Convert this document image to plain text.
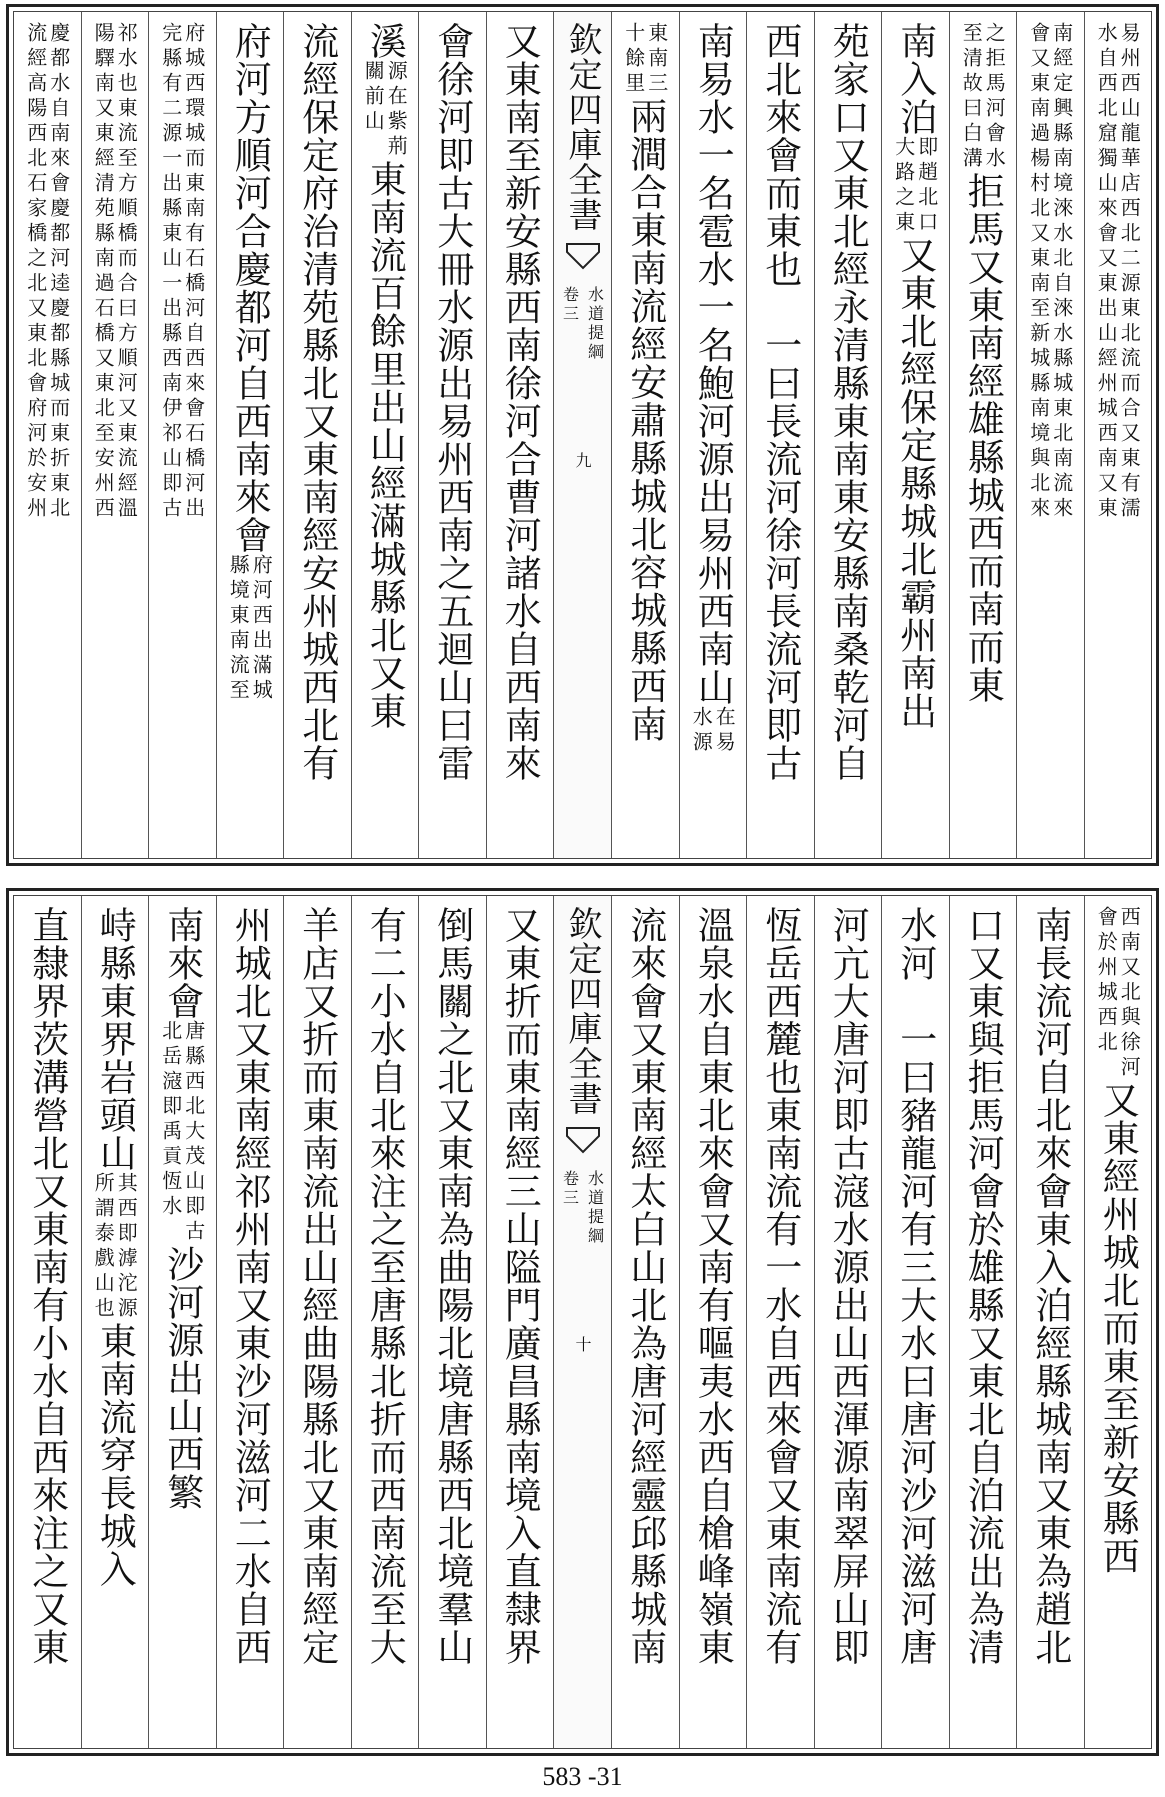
易州西山龍華店西北二源東北流而合又東有濡
水自西北窟獨山來會又東出山經州城西南又東
南經定興縣南境淶水北自淶水縣城東北南流來
會又東南過楊村北又東南至新城縣南境與北來
之拒馬河會水
至清故曰白溝
拒馬又東南經雄縣城西而南而東
南入泊
即趙北口
大路之東
又東北經保定縣城北霸州南出
苑家口又東北經永清縣東南東安縣南桑乾河自
西北來會而東也　一曰長流河徐河長流河即古
南易水一名雹水一名鮑河源出易州西南山
在易
水源
東南三
十餘里
兩澗合東南流經安肅縣城北容城縣西南
欽定四庫全書
水道提綱
卷三
九
又東南至新安縣西南徐河合曹河諸水自西南來
會徐河即古大冊水源出易州西南之五迴山曰雷
溪
源在紫荊
關前山
東南流百餘里出山經滿城縣北又東
流經保定府治清苑縣北又東南經安州城西北有
府河方順河合慶都河自西南來會
府河西出滿城
縣境東南流至
府城西環城而東南有石橋河自西來會石橋河出
完縣有二源一出縣東山一出縣西南伊祁山即古
祁水也東流至方順橋而合曰方順河又東流經溫
陽驛南又東經清苑縣南過石橋又東北至安州西
慶都水自南來會慶都河逵慶都縣城而東折東北
流經高陽西北石家橋之北又東北會府河於安州
西南又北與徐河
會於州城西北
又東經州城北而東至新安縣西
南長流河自北來會東入泊經縣城南又東為趙北
口又東與拒馬河會於雄縣又東北自泊流出為清
水河　一曰豬龍河有三大水曰唐河沙河滋河唐
河亢大唐河即古滱水源出山西渾源南翠屏山即
恆岳西麓也東南流有一水自西來會又東南流有
溫泉水自東北來會又南有嘔夷水西自槍峰嶺東
流來會又東南經太白山北為唐河經靈邱縣城南
欽定四庫全書
水道提綱
卷三
十
又東折而東南經三山隘門廣昌縣南境入直隸界
倒馬關之北又東南為曲陽北境唐縣西北境羣山
有二小水自北來注之至唐縣北折而西南流至大
羊店又折而東南流出山經曲陽縣北又東南經定
州城北又東南經祁州南又東沙河滋河二水自西
南來會
唐縣西北大茂山即古
北岳滱即禹貢恆水
沙河源出山西繁
峙縣東界岩頭山
其西即滹沱源
所謂泰戲山也
東南流穿長城入
直隸界茨溝營北又東南有小水自西來注之又東
583 -31
